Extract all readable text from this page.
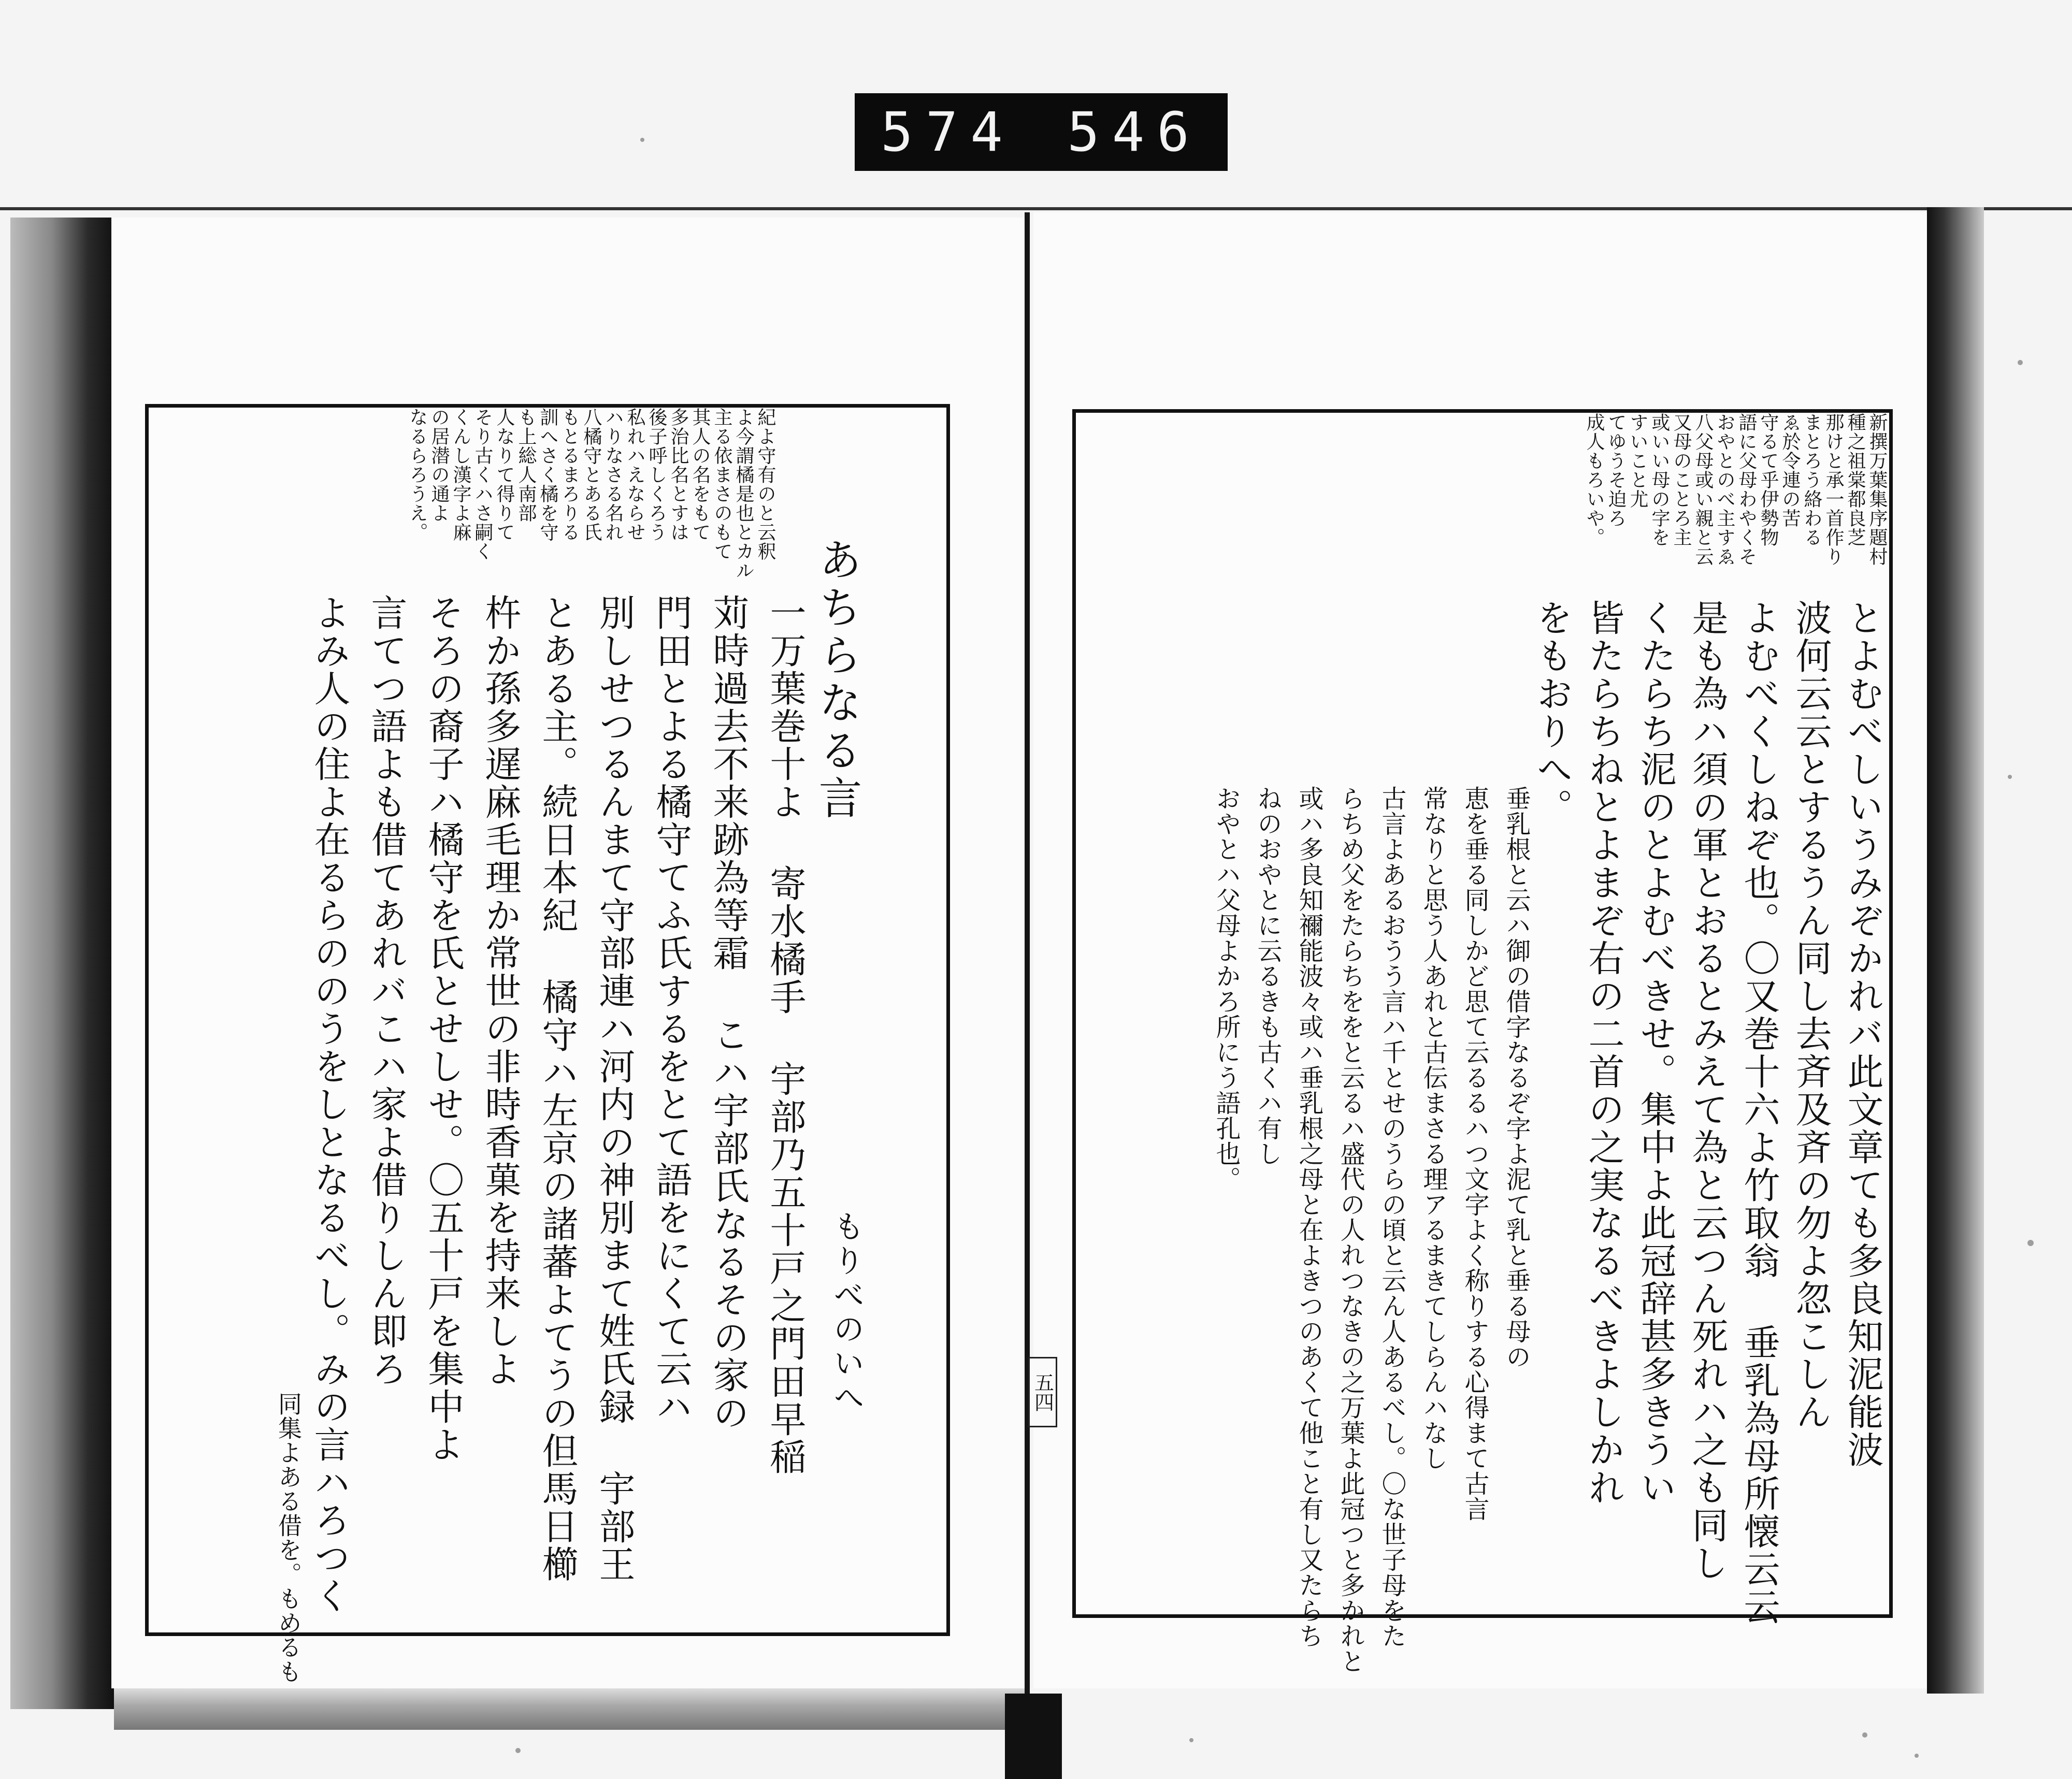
574 546
新撰万葉集序題村
種之祖棠都良芝
那けと承一首作り
まとろう絡わる
ゑ於令連の苦
守るて乎伊勢物
語に父母わやくそ
おやとのべ主すゑ
八父母或い親と云
又母のことろ主
或いい母の字を
すいこと尤
てゆうそ迫ろ
成人もろいや。
とよむべしいうみぞかれバ此文章ても多良知泥能波
波何云云とするうん同し去斉及斉の勿よ忽こしん
よむべくしねぞ也。〇又巻十六よ竹取翁 垂乳為母所懐云云
是も為ハ須の軍とおるとみえて為と云つん死れハ之も同し
くたらち泥のとよむべきせ。集中よ此冠辞甚多きうい
皆たらちねとよまぞ右の二首の之実なるべきよしかれ
をもおりへ。
垂乳根と云ハ御の借字なるぞ字よ泥て乳と垂る母の
恵を垂る同しかど思て云るるハつ文字よく称りする心得まて古言
常なりと思う人あれと古伝まさる理アるまきてしらんハなし
古言よあるおうう言ハ千とせのうらの頃と云ん人あるべし。〇な世子母をた
らちめ父をたらちををと云るハ盛代の人れつなきの之万葉よ此冠つと多かれと
或ハ多良知禰能波々或ハ垂乳根之母と在よきつのあくて他こと有し又たらち
ねのおやとに云るきも古くハ有し
おやとハ父母よかろ所にう語孔也。
五四
あちらなる言
もりべのいへ
紀よ守有のと云釈
よ今謂橘是也とカル
主る依まさのもて
其人の名をもて
多治比名とすは
後子呼しくろう
私れハえならせ
ハりなさる名れ
八橘守とある氏
もとるまろりる
訓へさく橘を守
も上総人南部
人なりて得りて
そり古くハさ嗣く
くんし漢字よ麻
の居潜の通よ
なるらろうえ。
一万葉巻十よ 寄水橘手 宇部乃五十戸之門田早稲
苅時過去不来跡為等霜 こハ宇部氏なるその家の
門田とよる橘守てふ氏するをとて語をにくて云ハ
別しせつるんまて守部連ハ河内の神別まて姓氏録 宇部王
とある主。続日本紀 橘守ハ左京の諸蕃よてうの但馬日櫛
杵か孫多遅麻毛理か常世の非時香菓を持来しよ
そろの裔子ハ橘守を氏とせしせ。〇五十戸を集中よ
言てつ語よも借てあれバこハ家よ借りしん即ろ
よみ人の住よ在るらののうをしとなるべし。みの言ハろつく
同集よある借を。もめるも
